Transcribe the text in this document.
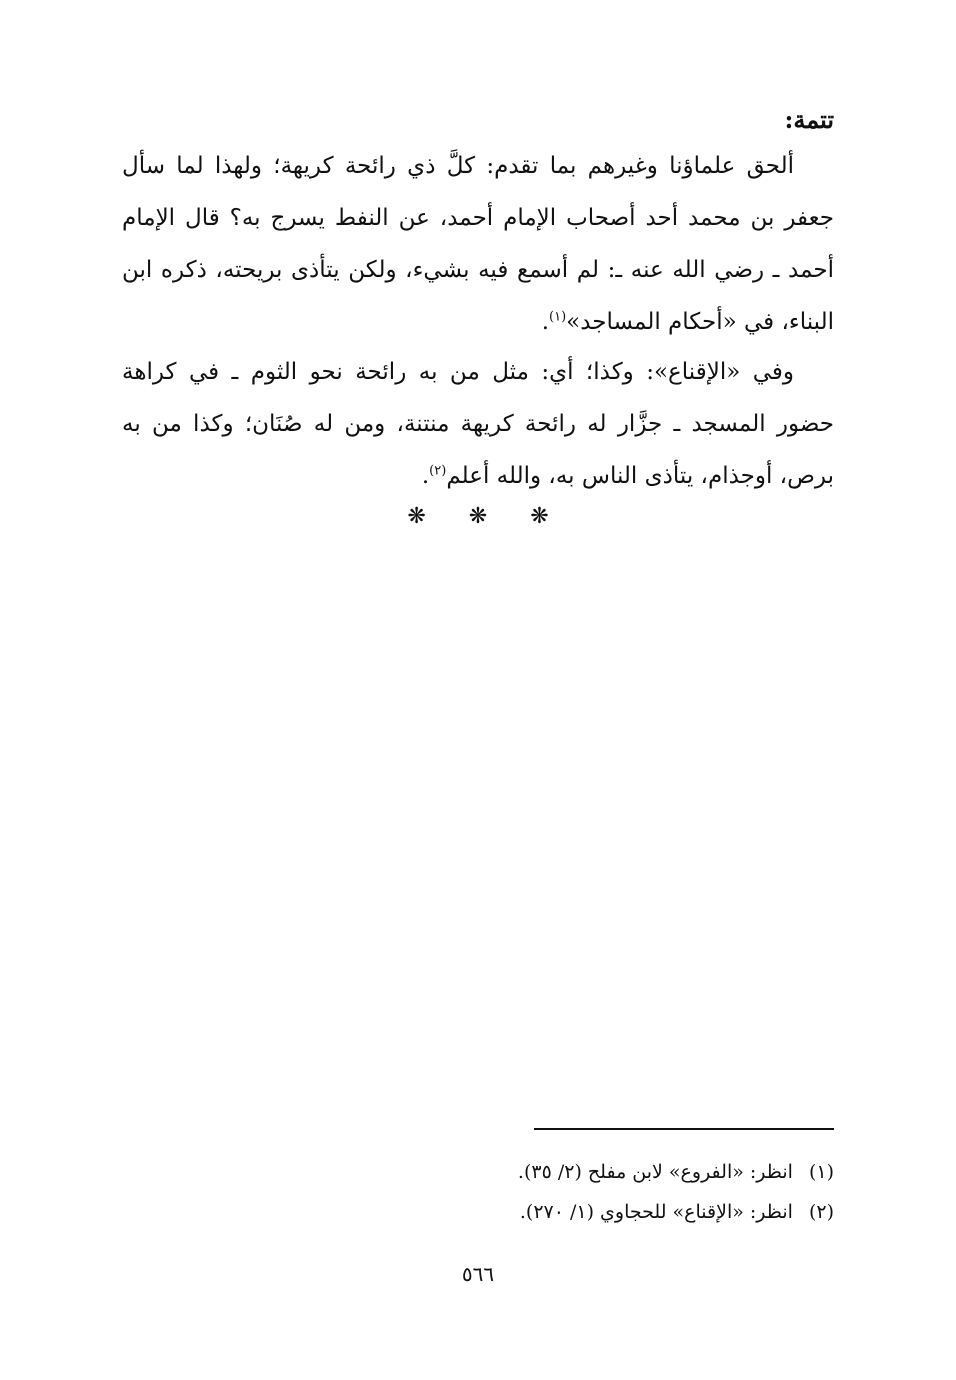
تتمة:

ألحق علماؤنا وغيرهم بما تقدم: كلَّ ذي رائحة كريهة؛ ولهذا لما سأل جعفر بن محمد أحد أصحاب الإمام أحمد، عن النفط يسرج به؟ قال الإمام أحمد ـ رضي الله عنه ـ: لم أسمع فيه بشيء، ولكن يتأذى بريحته، ذكره ابن البناء، في «أحكام المساجد»$^{(١)}$.

وفي «الإقناع»: وكذا؛ أي: مثل من به رائحة نحو الثوم ـ في كراهة حضور المسجد ـ جزَّار له رائحة كريهة منتنة، ومن له صُنَان؛ وكذا من به برص، أوجذام، يتأذى الناس به، والله أعلم$^{(٢)}$.

❋ ❋ ❋
(١)انظر: «الفروع» لابن مفلح (٢/ ٣٥).
(٢)انظر: «الإقناع» للحجاوي (١/ ٢٧٠).
٥٦٦
